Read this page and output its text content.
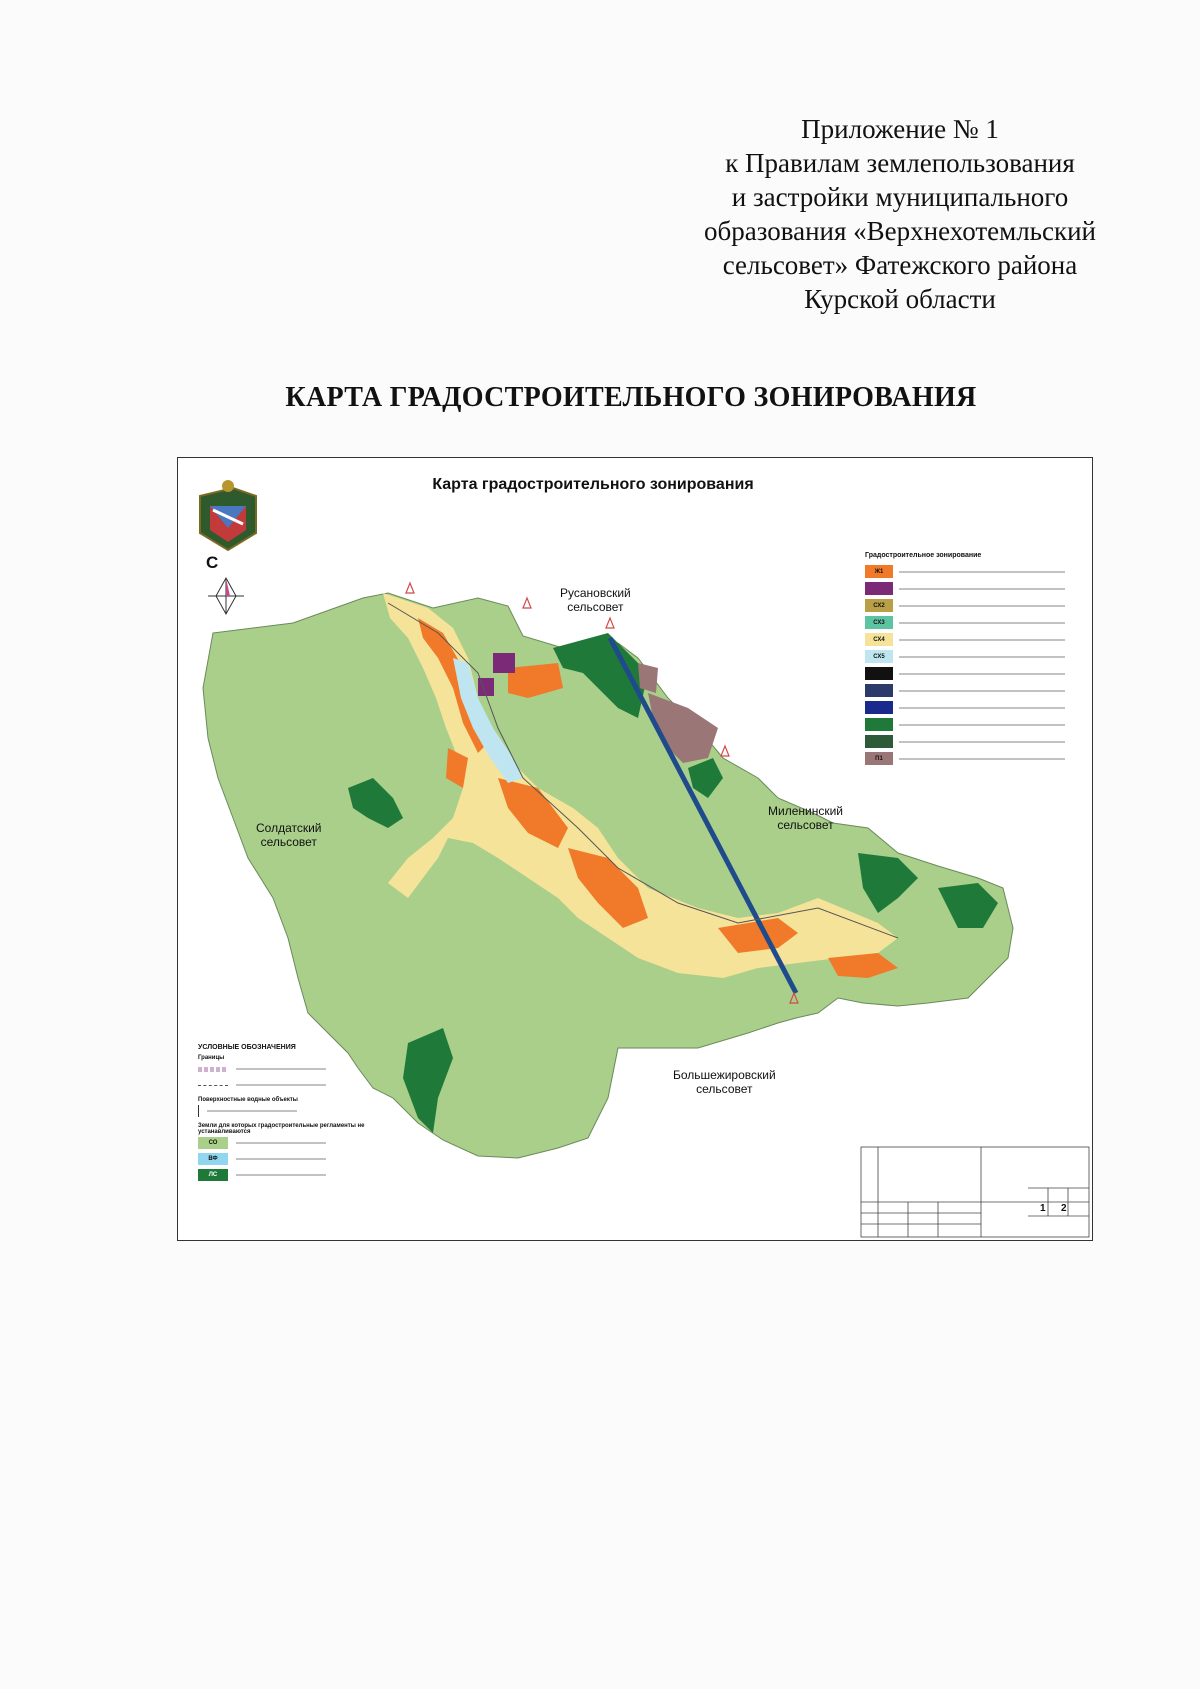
Приложение № 1
к Правилам землепользования
и застройки муниципального
образования «Верхнехотемльский
сельсовет» Фатежского района
Курской области
КАРТА ГРАДОСТРОИТЕЛЬНОГО ЗОНИРОВАНИЯ
Карта градостроительного зонирования
С
Русановский
сельсовет
Миленинский
сельсовет
Солдатский
сельсовет
Большежировский
сельсовет
Градостроительное зонирование
Ж1
СХ2
СХ3
СХ4
СХ5
П1
УСЛОВНЫЕ ОБОЗНАЧЕНИЯ
Границы
Поверхностные водные объекты
Земли для которых градостроительные регламенты не устанавливаются
СО
ВФ
ЛС
1 2
